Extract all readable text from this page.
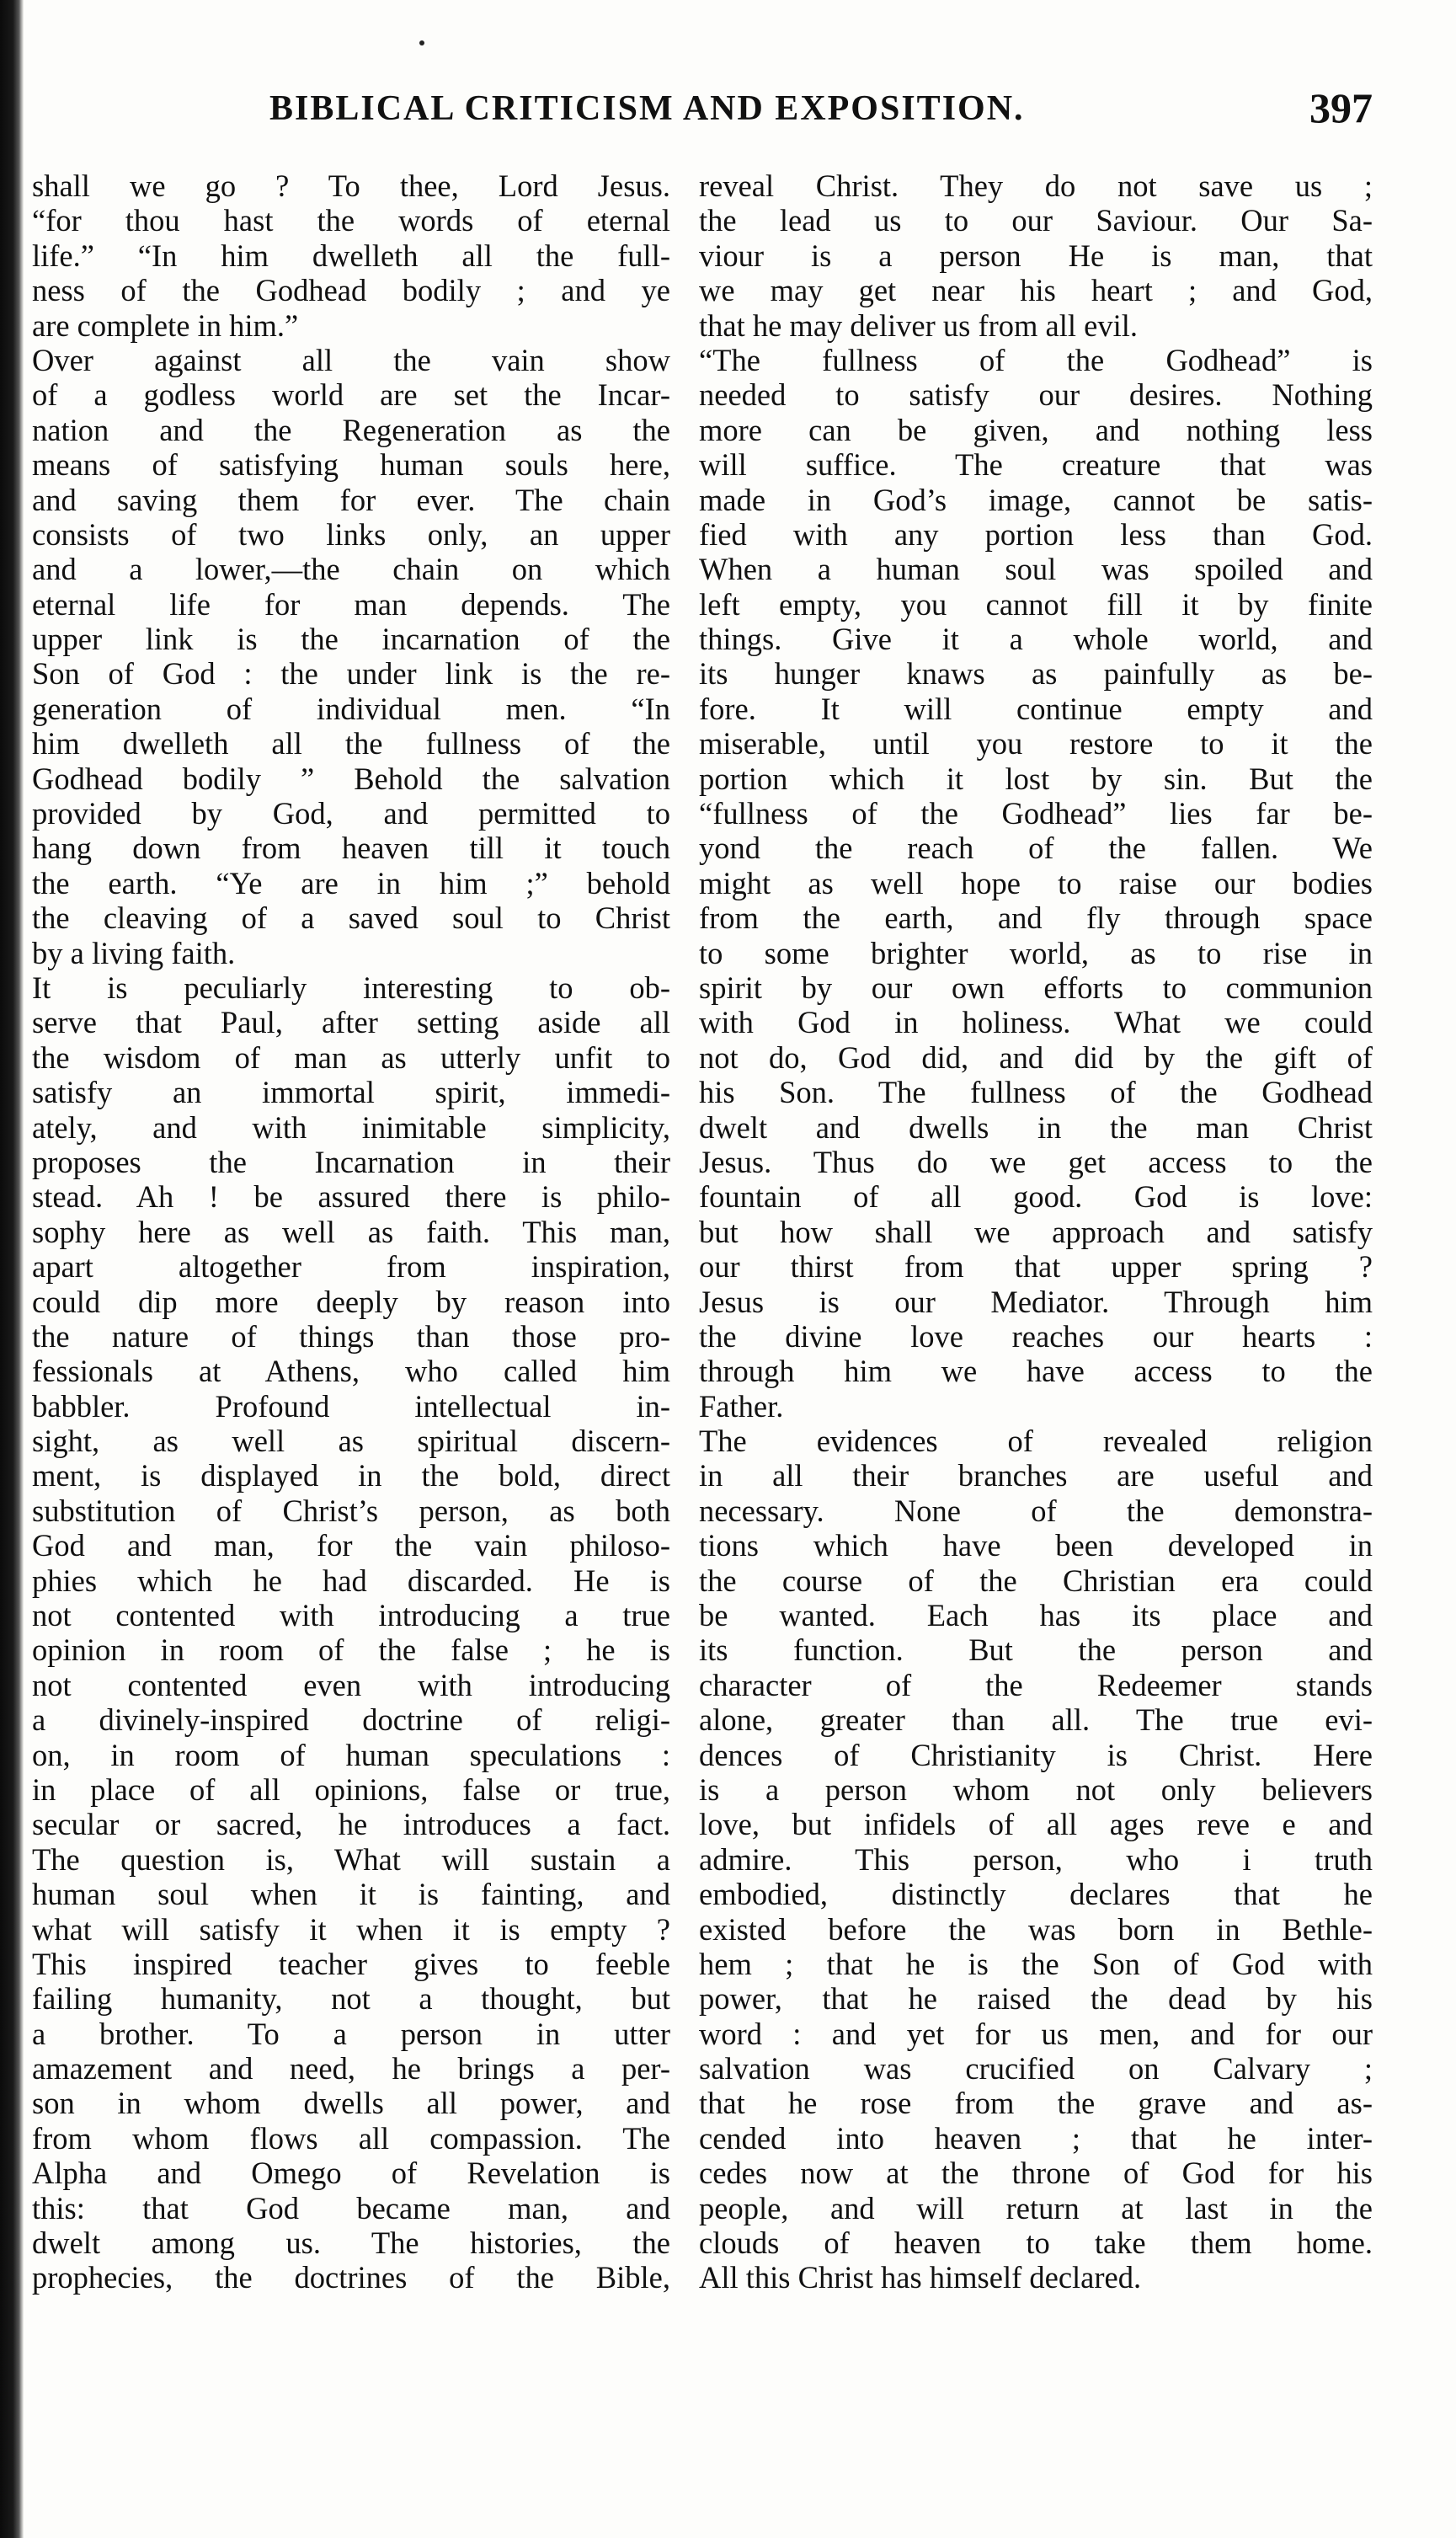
BIBLICAL CRITICISM AND EXPOSITION.	397
shall we go ? To thee, Lord Jesus.
“for thou hast the words of eternal
life.” “In him dwelleth all the full-
ness of the Godhead bodily ; and ye
are complete in him.”
Over against all the vain show
of a godless world are set the Incar-
nation and the Regeneration as the
means of satisfying human souls here,
and saving them for ever. The chain
consists of two links only, an upper
and a lower,—the chain on which
eternal life for man depends. The
upper link is the incarnation of the
Son of God : the under link is the re-
generation of individual men. “In
him dwelleth all the fullness of the
Godhead bodily ” Behold the salvation
provided by God, and permitted to
hang down from heaven till it touch
the earth. “Ye are in him ;” behold
the cleaving of a saved soul to Christ
by a living faith.
It is peculiarly interesting to ob-
serve that Paul, after setting aside all
the wisdom of man as utterly unfit to
satisfy an immortal spirit, immedi-
ately, and with inimitable simplicity,
proposes the Incarnation in their
stead. Ah ! be assured there is philo-
sophy here as well as faith. This man,
apart altogether from inspiration,
could dip more deeply by reason into
the nature of things than those pro-
fessionals at Athens, who called him
babbler. Profound intellectual in-
sight, as well as spiritual discern-
ment, is displayed in the bold, direct
substitution of Christ’s person, as both
God and man, for the vain philoso-
phies which he had discarded. He is
not contented with introducing a true
opinion in room of the false ; he is
not contented even with introducing
a divinely-inspired doctrine of religi-
on, in room of human speculations :
in place of all opinions, false or true,
secular or sacred, he introduces a fact.
The question is, What will sustain a
human soul when it is fainting, and
what will satisfy it when it is empty ?
This inspired teacher gives to feeble
failing humanity, not a thought, but
a brother. To a person in utter
amazement and need, he brings a per-
son in whom dwells all power, and
from whom flows all compassion. The
Alpha and Omego of Revelation is
this: that God became man, and
dwelt among us. The histories, the
prophecies, the doctrines of the Bible,
reveal Christ. They do not save us ;
the lead us to our Saviour. Our Sa-
viour is a person He is man, that
we may get near his heart ; and God,
that he may deliver us from all evil.
“The fullness of the Godhead” is
needed to satisfy our desires. Nothing
more can be given, and nothing less
will suffice. The creature that was
made in God’s image, cannot be satis-
fied with any portion less than God.
When a human soul was spoiled and
left empty, you cannot fill it by finite
things. Give it a whole world, and
its hunger knaws as painfully as be-
fore. It will continue empty and
miserable, until you restore to it the
portion which it lost by sin. But the
“fullness of the Godhead” lies far be-
yond the reach of the fallen. We
might as well hope to raise our bodies
from the earth, and fly through space
to some brighter world, as to rise in
spirit by our own efforts to communion
with God in holiness. What we could
not do, God did, and did by the gift of
his Son. The fullness of the Godhead
dwelt and dwells in the man Christ
Jesus. Thus do we get access to the
fountain of all good. God is love:
but how shall we approach and satisfy
our thirst from that upper spring ?
Jesus is our Mediator. Through him
the divine love reaches our hearts :
through him we have access to the
Father.
The evidences of revealed religion
in all their branches are useful and
necessary. None of the demonstra-
tions which have been developed in
the course of the Christian era could
be wanted. Each has its place and
its function. But the person and
character of the Redeemer stands
alone, greater than all. The true evi-
dences of Christianity is Christ. Here
is a person whom not only believers
love, but infidels of all ages reve e and
admire. This person, who i truth
embodied, distinctly declares that he
existed before the was born in Bethle-
hem ; that he is the Son of God with
power, that he raised the dead by his
word : and yet for us men, and for our
salvation was crucified on Calvary ;
that he rose from the grave and as-
cended into heaven ; that he inter-
cedes now at the throne of God for his
people, and will return at last in the
clouds of heaven to take them home.
All this Christ has himself declared.
